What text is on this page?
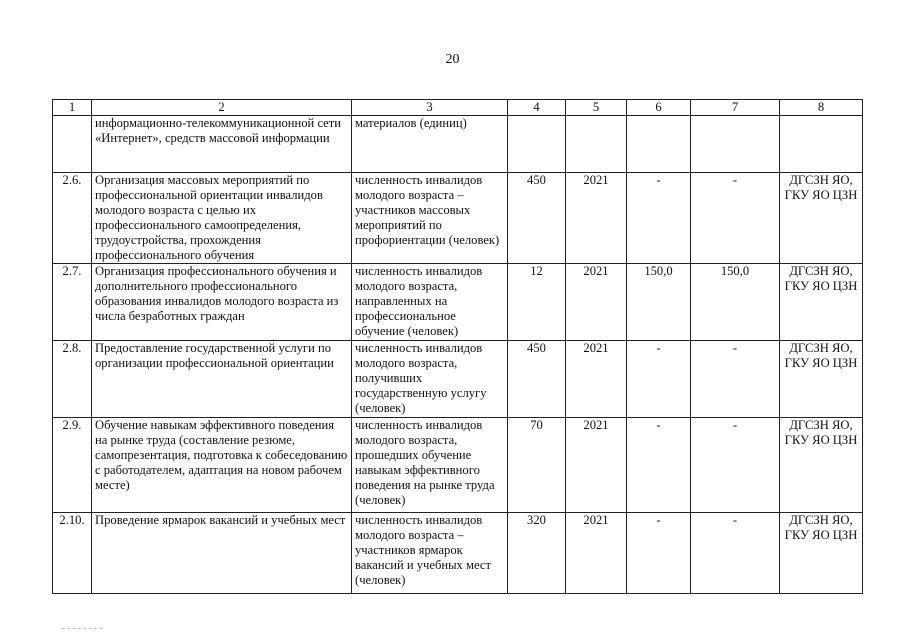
20
1	2	3	4	5	6	7	8
	информационно-телекоммуникационной сети «Интернет», средств массовой информации	материалов (единиц)					
2.6.	Организация массовых мероприятий по профессиональной ориентации инвалидов молодого возраста с целью их профессионального самоопределения, трудоустройства, прохождения профессионального обучения	численность инвалидов молодого возраста – участников массовых мероприятий по профориентации (человек)	450	2021	-	-	ДГСЗН ЯО, ГКУ ЯО ЦЗН
2.7.	Организация профессионального обучения и дополнительного профессионального образования инвалидов молодого возраста из числа безработных граждан	численность инвалидов молодого возраста, направленных на профессиональное обучение (человек)	12	2021	150,0	150,0	ДГСЗН ЯО, ГКУ ЯО ЦЗН
2.8.	Предоставление государственной услуги по организации профессиональной ориентации	численность инвалидов молодого возраста, получивших государственную услугу (человек)	450	2021	-	-	ДГСЗН ЯО, ГКУ ЯО ЦЗН
2.9.	Обучение навыкам эффективного поведения на рынке труда (составление резюме, самопрезентация, подготовка к собеседованию с работодателем, адаптация на новом рабочем месте)	численность инвалидов молодого возраста, прошедших обучение навыкам эффективного поведения на рынке труда (человек)	70	2021	-	-	ДГСЗН ЯО, ГКУ ЯО ЦЗН
2.10.	Проведение ярмарок вакансий и учебных мест	численность инвалидов молодого возраста – участников ярмарок вакансий и учебных мест (человек)	320	2021	-	-	ДГСЗН ЯО, ГКУ ЯО ЦЗН
